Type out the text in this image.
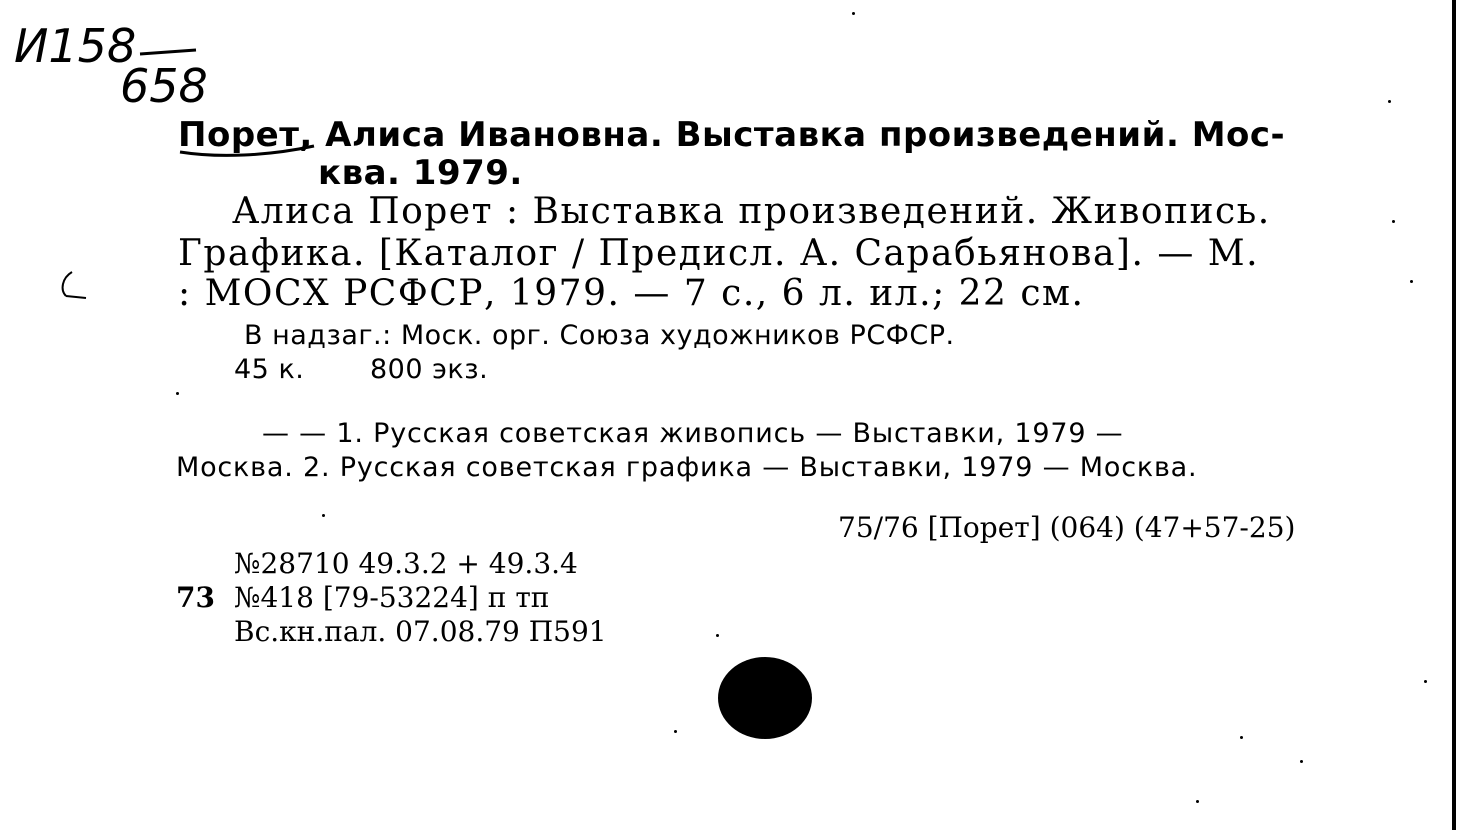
И158
658
Порет, Алиса Ивановна. Выставка произведений. Мос-
ква. 1979.
Алиса Порет : Выставка произведений. Живопись.
Графика. [Каталог / Предисл. А. Сарабьянова]. — М.
: МОСХ РСФСР, 1979. — 7 с., 6 л. ил.; 22 см.
В надзаг.: Моск. орг. Союза художников РСФСР.
45 к. 800 экз.
— — 1. Русская советская живопись — Выставки, 1979 —
Москва. 2. Русская советская графика — Выставки, 1979 — Москва.
75/76 [Порет] (064) (47+57-25)
№28710 49.3.2 + 49.3.4
73 №418 [79-53224] п тп
Вс.кн.пал. 07.08.79 П591
